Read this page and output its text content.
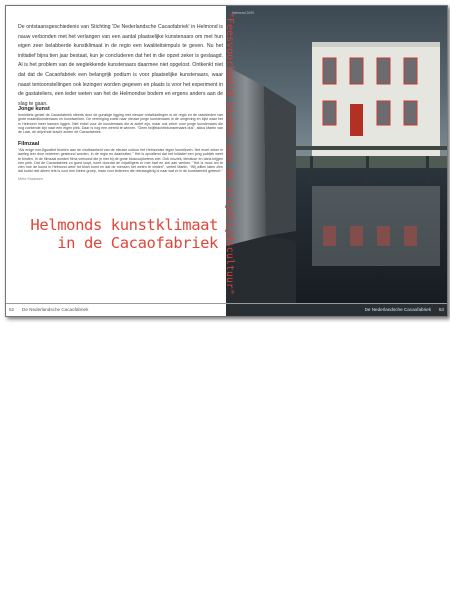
De ontstaansgeschiedenis van Stichting 'De Nederlandsche Cacaofabriek' in Helmond is nauw verbonden met het verlangen van een aantal plaatselijke kunstenaars om met hun eigen zeer belabberde kunstklimaat in de regio een kwaliteitsimpuls te geven. Nu het initiatief bijna tien jaar bestaat, kun je concluderen dat het in die opzet zeker is geslaagd. Al is het problem van de weglekkende kunstenaars daarmee niet opgelost. Ontkenkt niet dat dat de Cacaofabriek een belangrijk podium is voor plaatselijke kunstenaars, waar naast tentoonstellingen ook lezingen worden gegeven en plaats is voor het experiment in de gastateliers, een ieder weten van het de Helmondse bodem en ergens anders aan de slag te gaan.
Jonge kunst
Inmiddels geniet de Cacaofabriek steeds door de gunstige ligging met nieuwe ontwikkelingen in de regio en de raadsleden van grote maandkunstenaars en kunstwerken. De vereniging zoekt naar nieuwe jonge kunstenaars in de omgeving en kijkt waar het in Helmond meer kansen liggen. Niet enkel voor de kunstenaars die al actief zijn, maar ook zeker voor jonge kunstenaars die nog zoekende zijn naar een eigen plek. Daar is nog een wereld te winnen. "Geen twijfelachtiekunstenaars dus", aldus Martin van de Laar, de drijvende kracht achter de Cacaofabriek.
Filmzaal
"Als enige non-figuratief bloeien aan de vindbaarheid van de nieuwe cultuur het Helmondse eigen kunstleven. Het moet zeker in aanleg leer door iedereen gesteund worden, in de regio en daarbuiten." Het is opvallend dat het initiatief een jong publiek weet te binden. In de filmzaal worden films vertoond die je niet bij de grote bioscoopketens ziet. Ook muziek, literatuur en dans krijgen een plek. Dat de Cacaofabriek zo goed loopt, komt doordat de vrijwilligers er met hart en ziel aan werken. "Het is mooi om te zien hoe de kunst in Helmond weer tot bloei komt en dat de mensen het weten te vinden", vertelt Martin. "Wij willen laten zien dat kunst niet alleen iets is voor een kleine groep, maar voor iedereen die nieuwsgierig is naar wat er in de kunstwereld gebeurt."
Mirte Klaassen
Helmonds kunstklimaat
in de Cacaofabriek
52 De Nederlandsche Cacaofabriek
Helmond 2009
De Nederlandsche Cacaofabriek 53
"Feesvoorbeeld bieden aan de vrijetijdscultuur"
